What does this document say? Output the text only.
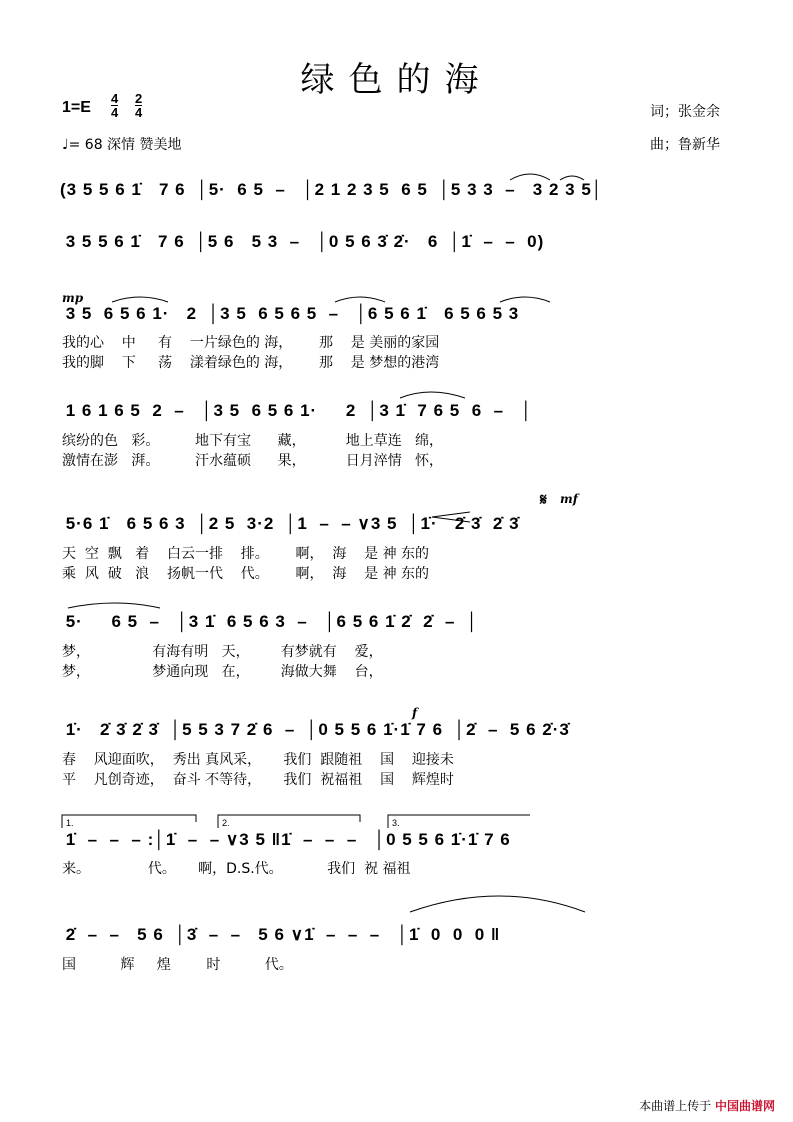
绿色的海
$1=E \frac{4}{4} \frac{2}{4}$
♩= 68 深情 赞美地
词；张金余
曲；鲁新华
(3 5 5 6 1̇   7 6  │5·  6 5  –   │2 1 2 3 5  6 5  │5 3 3  –   3 2 3 5│
3 5 5 6 1̇   7 6  │5 6   5 3  –   │0 5 6 3̇ 2̇·   6  │1̇  –  –  0)
mp
3 5  6 5 6 1·   2  │3 5  6 5 6 5  –   │6 5 6 1̇   6 5 6 5 3
我的心    中     有    一片绿色的 海，      那    是 美丽的家园
我的脚    下     荡    漾着绿色的 海，      那    是 梦想的港湾
1 6 1 6 5  2  –   │3 5  6 5 6 1·     2  │3 1̇  7 6 5  6  –   │
缤纷的色   彩。        地下有宝      藏，         地上草连   绵，
激情在澎   湃。        汗水蕴硕      果，         日月淬情   怀，
𝄋 mf
5·6 1̇   6 5 6 3  │2 5  3·2  │1  –  – ∨3 5  │1̇·   2̇ 3̇  2̇ 3̇
天  空  飘   着    白云一排    排。      啊，  海    是 神 东的
乘  风  破   浪    扬帆一代    代。      啊，  海    是 神 东的
5·     6 5  –   │3 1̇  6 5 6 3  –   │6 5 6 1̇ 2̇  2̇  –  │
梦，              有海有明   天，       有梦就有    爱，
梦，              梦通向现   在，       海做大舞    台，
f
1̇·   2̇ 3̇ 2̇ 3̇  │5 5 3 7 2̇ 6  –  │0 5 5 6 1̇·1̇ 7 6  │2̇  –  5 6 2̇·3̇
春    风迎面吹，  秀出 真风采，     我们  跟随祖    国    迎接未
平    凡创奇迹，  奋斗 不等待，     我们  祝福祖    国    辉煌时
1.	2.	3.
1̇  –  –  – :│1̇  –  – ∨3 5 ‖1̇  –  –  –   │0 5 5 6 1̇·1̇ 7 6
来。             代。     啊，D.S.代。          我们  祝 福祖
2̇  –  –   5 6  │3̇  –  –   5 6 ∨1̇  –  –  –   │1̇  0  0  0 ‖
国          辉     煌        时          代。
本曲谱上传于 中国曲谱网
